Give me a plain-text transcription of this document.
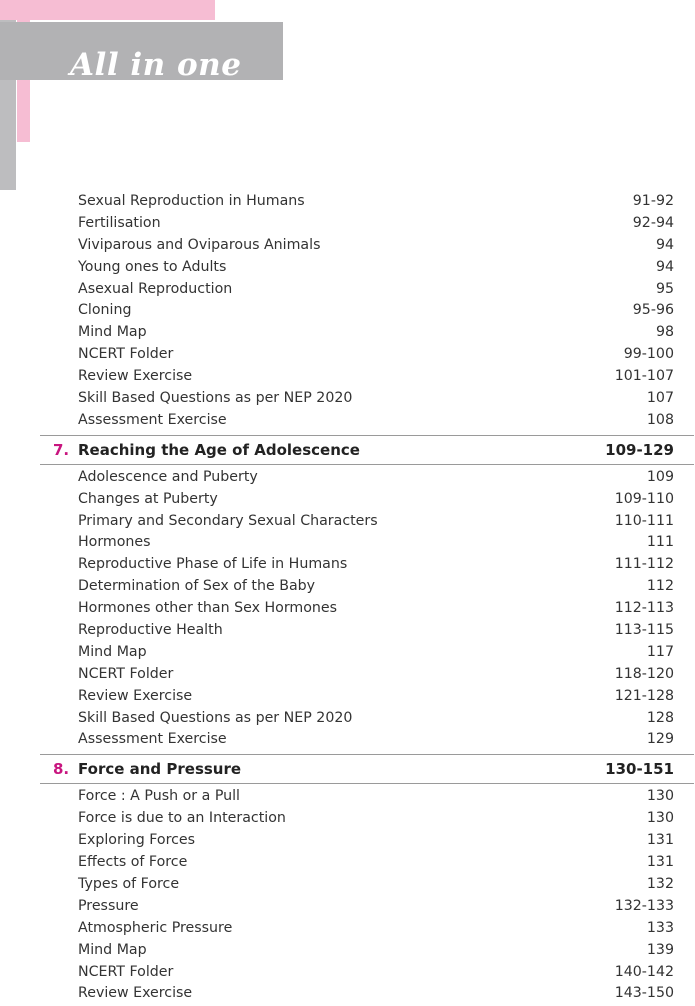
All in one
COMPLETE STUDY | COMPLETE PRACTICE | COMPLETE ASSESSMENT
Sexual Reproduction in Humans	91-92
Fertilisation	92-94
Viviparous and Oviparous Animals	94
Young ones to Adults	94
Asexual Reproduction	95
Cloning	95-96
Mind Map	98
NCERT Folder	99-100
Review Exercise	101-107
Skill Based Questions as per NEP 2020	107
Assessment Exercise	108
7. Reaching the Age of Adolescence	109-129
Adolescence and Puberty	109
Changes at Puberty	109-110
Primary and Secondary Sexual Characters	110-111
Hormones	111
Reproductive Phase of Life in Humans	111-112
Determination of Sex of the Baby	112
Hormones other than Sex Hormones	112-113
Reproductive Health	113-115
Mind Map	117
NCERT Folder	118-120
Review Exercise	121-128
Skill Based Questions as per NEP 2020	128
Assessment Exercise	129
8. Force and Pressure	130-151
Force : A Push or a Pull	130
Force is due to an Interaction	130
Exploring Forces	131
Effects of Force	131
Types of Force	132
Pressure	132-133
Atmospheric Pressure	133
Mind Map	139
NCERT Folder	140-142
Review Exercise	143-150
